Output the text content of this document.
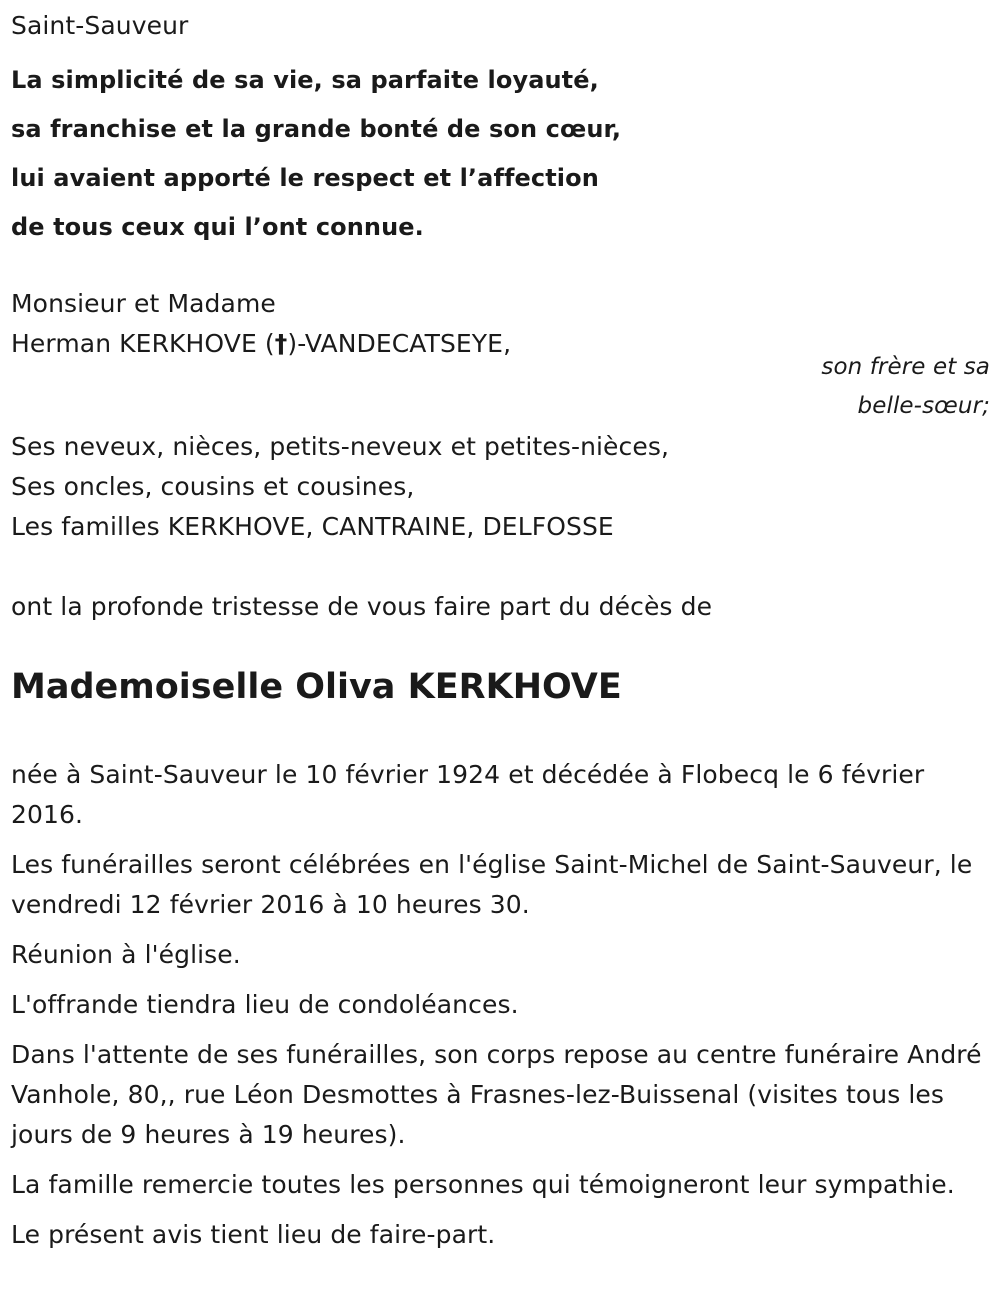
Saint-Sauveur

La simplicité de sa vie, sa parfaite loyauté,

sa franchise et la grande bonté de son cœur,

lui avaient apporté le respect et l’affection

de tous ceux qui l’ont connue.

Monsieur et Madame

Herman KERKHOVE (†)-VANDECATSEYE,

son frère et sa

belle-sœur;

Ses neveux, nièces, petits-neveux et petites-nièces,

Ses oncles, cousins et cousines,

Les familles KERKHOVE, CANTRAINE, DELFOSSE

ont la profonde tristesse de vous faire part du décès de

Mademoiselle Oliva KERKHOVE

née à Saint-Sauveur le 10 février 1924 et décédée à Flobecq le 6 février 2016.

Les funérailles seront célébrées en l'église Saint-Michel de Saint-Sauveur, le vendredi 12 février 2016 à 10 heures 30.

Réunion à l'église.

L'offrande tiendra lieu de condoléances.

Dans l'attente de ses funérailles, son corps repose au centre funéraire André Vanhole, 80,, rue Léon Desmottes à Frasnes-lez-Buissenal (visites tous les jours de 9 heures à 19 heures).

La famille remercie toutes les personnes qui témoigneront leur sympathie.

Le présent avis tient lieu de faire-part.
